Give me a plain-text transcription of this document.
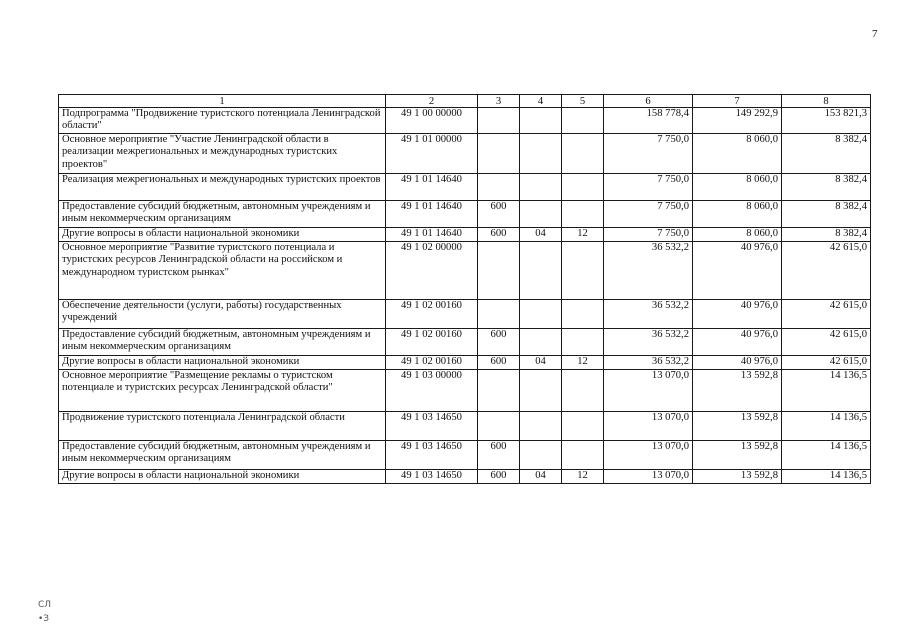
7
1	2	3	4	5	6	7	8
Подпрограмма "Продвижение туристского потенциала Ленинградской области"	49 1 00 00000				158 778,4	149 292,9	153 821,3
Основное мероприятие "Участие Ленинградской области в реализации межрегиональных и международных туристских проектов"	49 1 01 00000				7 750,0	8 060,0	8 382,4
Реализация межрегиональных и международных туристских проектов	49 1 01 14640				7 750,0	8 060,0	8 382,4
Предоставление субсидий бюджетным, автономным учреждениям и иным некоммерческим организациям	49 1 01 14640	600			7 750,0	8 060,0	8 382,4
Другие вопросы в области национальной экономики	49 1 01 14640	600	04	12	7 750,0	8 060,0	8 382,4
Основное мероприятие "Развитие туристского потенциала и туристских ресурсов Ленинградской области на российском и международном туристском рынках"	49 1 02 00000				36 532,2	40 976,0	42 615,0
Обеспечение деятельности (услуги, работы) государственных учреждений	49 1 02 00160				36 532,2	40 976,0	42 615,0
Предоставление субсидий бюджетным, автономным учреждениям и иным некоммерческим организациям	49 1 02 00160	600			36 532,2	40 976,0	42 615,0
Другие вопросы в области национальной экономики	49 1 02 00160	600	04	12	36 532,2	40 976,0	42 615,0
Основное мероприятие "Размещение рекламы о туристском потенциале и туристских ресурсах Ленинградской области"	49 1 03 00000				13 070,0	13 592,8	14 136,5
Продвижение туристского потенциала Ленинградской области	49 1 03 14650				13 070,0	13 592,8	14 136,5
Предоставление субсидий бюджетным, автономным учреждениям и иным некоммерческим организациям	49 1 03 14650	600			13 070,0	13 592,8	14 136,5
Другие вопросы в области национальной экономики	49 1 03 14650	600	04	12	13 070,0	13 592,8	14 136,5
СЛ
•З
